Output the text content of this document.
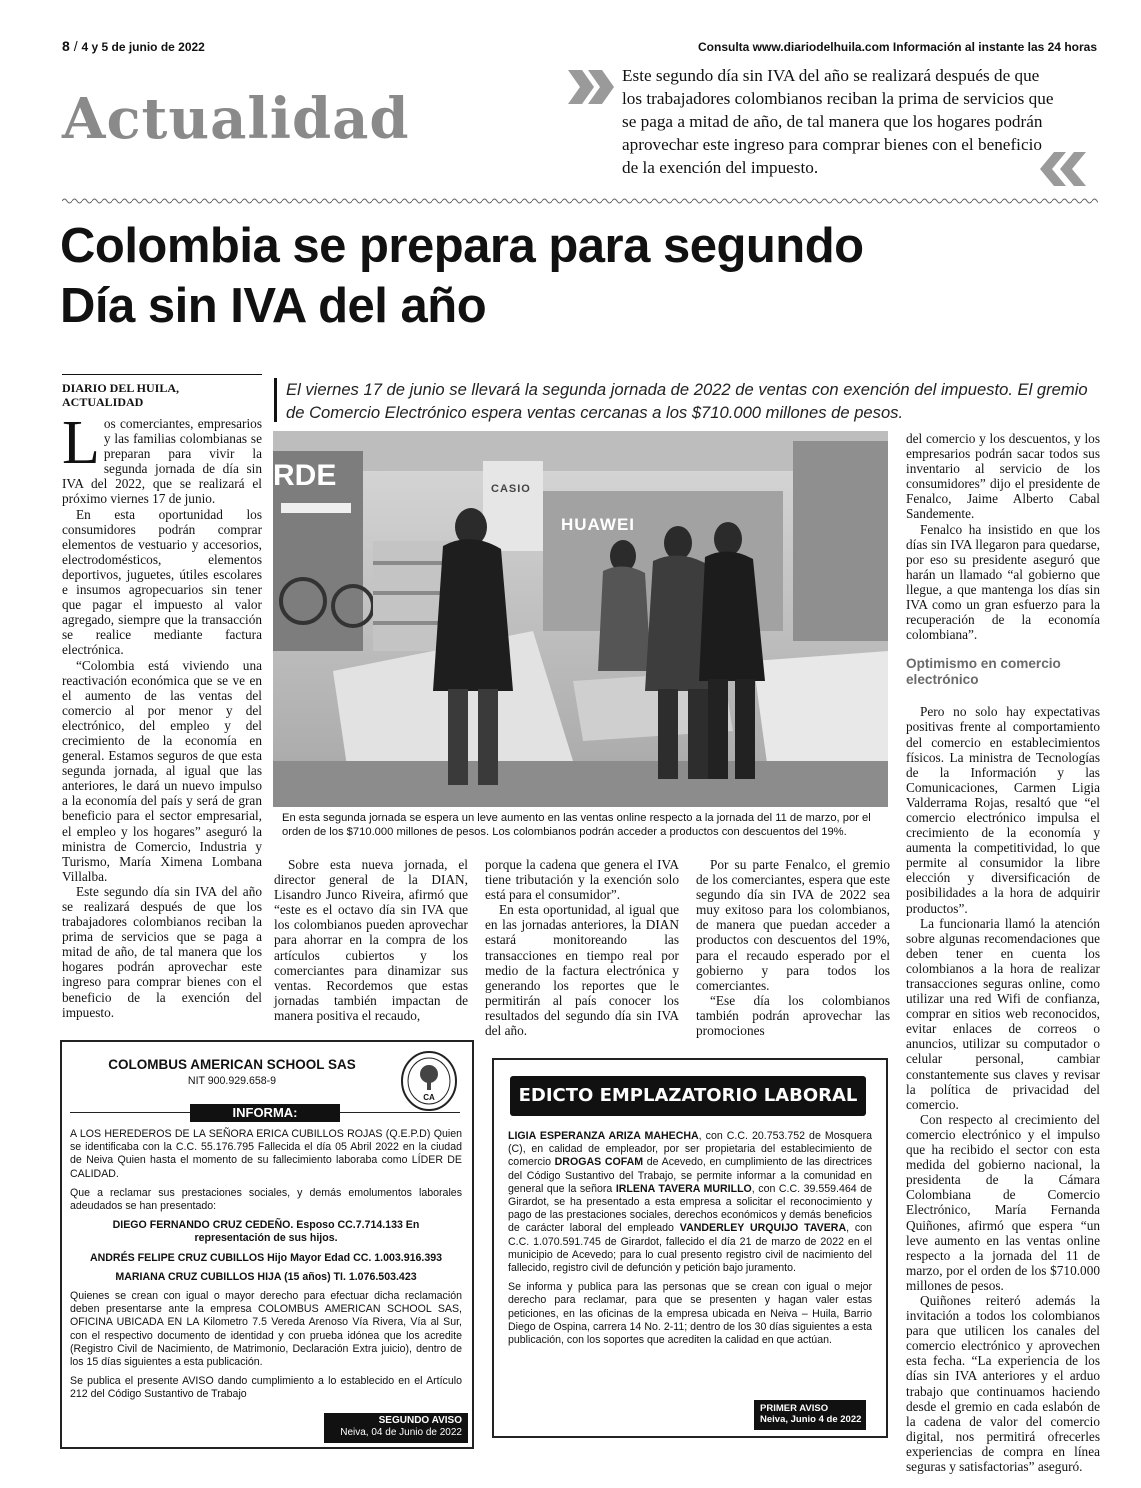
8 / 4 y 5 de junio de 2022	Consulta www.diariodelhuila.com Información al instante las 24 horas
Actualidad
Este segundo día sin IVA del año se realizará después de que los trabajadores colombianos reciban la prima de servicios que se paga a mitad de año, de tal manera que los hogares podrán aprovechar este ingreso para comprar bienes con el beneficio de la exención del impuesto.
Colombia se prepara para segundo
Día sin IVA del año
DIARIO DEL HUILA,
ACTUALIDAD
El viernes 17 de junio se llevará la segunda jornada de 2022 de ventas con exención del impuesto. El gremio de Comercio Electrónico espera ventas cercanas a los $710.000 millones de pesos.

Los comerciantes, empresarios y las familias colombianas se preparan para vivir la segunda jornada de día sin IVA del 2022, que se realizará el próximo viernes 17 de junio.

En esta oportunidad los consumidores podrán comprar elementos de vestuario y accesorios, electrodomésticos, elementos deportivos, juguetes, útiles escolares e insumos agropecuarios sin tener que pagar el impuesto al valor agregado, siempre que la transacción se realice mediante factura electrónica.

“Colombia está viviendo una reactivación económica que se ve en el aumento de las ventas del comercio al por menor y del electrónico, del empleo y del crecimiento de la economía en general. Estamos seguros de que esta segunda jornada, al igual que las anteriores, le dará un nuevo impulso a la economía del país y será de gran beneficio para el sector empresarial, el empleo y los hogares” aseguró la ministra de Comercio, Industria y Turismo, María Ximena Lombana Villalba.

Este segundo día sin IVA del año se realizará después de que los trabajadores colombianos reciban la prima de servicios que se paga a mitad de año, de tal manera que los hogares podrán aprovechar este ingreso para comprar bienes con el beneficio de la exención del impuesto.

CASIO
HUAWEI
RDE
En esta segunda jornada se espera un leve aumento en las ventas online respecto a la jornada del 11 de marzo, por el orden de los $710.000 millones de pesos. Los colombianos podrán acceder a productos con descuentos del 19%.

Sobre esta nueva jornada, el director general de la DIAN, Lisandro Junco Riveira, afirmó que “este es el octavo día sin IVA que los colombianos pueden aprovechar para ahorrar en la compra de los artículos cubiertos y los comerciantes para dinamizar sus ventas. Recordemos que estas jornadas también impactan de manera positiva el recaudo,

porque la cadena que genera el IVA tiene tributación y la exención solo está para el consumidor”.

En esta oportunidad, al igual que en las jornadas anteriores, la DIAN estará monitoreando las transacciones en tiempo real por medio de la factura electrónica y generando los reportes que le permitirán al país conocer los resultados del segundo día sin IVA del año.

Por su parte Fenalco, el gremio de los comerciantes, espera que este segundo día sin IVA de 2022 sea muy exitoso para los colombianos, de manera que puedan acceder a productos con descuentos del 19%, para el recaudo esperado por el gobierno y para todos los comerciantes.

“Ese día los colombianos también podrán aprovechar las promociones

del comercio y los descuentos, y los empresarios podrán sacar todos sus inventario al servicio de los consumidores” dijo el presidente de Fenalco, Jaime Alberto Cabal Sandemente.

Fenalco ha insistido en que los días sin IVA llegaron para quedarse, por eso su presidente aseguró que harán un llamado “al gobierno que llegue, a que mantenga los días sin IVA como un gran esfuerzo para la recuperación de la economía colombiana”.

Optimismo en comercio electrónico

Pero no solo hay expectativas positivas frente al comportamiento del comercio en establecimientos físicos. La ministra de Tecnologías de la Información y las Comunicaciones, Carmen Ligia Valderrama Rojas, resaltó que “el comercio electrónico impulsa el crecimiento de la economía y aumenta la competitividad, lo que permite al consumidor la libre elección y diversificación de posibilidades a la hora de adquirir productos”.

La funcionaria llamó la atención sobre algunas recomendaciones que deben tener en cuenta los colombianos a la hora de realizar transacciones seguras online, como utilizar una red Wifi de confianza, comprar en sitios web reconocidos, evitar enlaces de correos o anuncios, utilizar su computador o celular personal, cambiar constantemente sus claves y revisar la política de privacidad del comercio.

Con respecto al crecimiento del comercio electrónico y el impulso que ha recibido el sector con esta medida del gobierno nacional, la presidenta de la Cámara Colombiana de Comercio Electrónico, María Fernanda Quiñones, afirmó que espera “un leve aumento en las ventas online respecto a la jornada del 11 de marzo, por el orden de los $710.000 millones de pesos.

Quiñones reiteró además la invitación a todos los colombianos para que utilicen los canales del comercio electrónico y aprovechen esta fecha. “La experiencia de los días sin IVA anteriores y el arduo trabajo que continuamos haciendo desde el gremio en cada eslabón de la cadena de valor del comercio digital, nos permitirá ofrecerles experiencias de compra en línea seguras y satisfactorias” aseguró.

COLOMBUS AMERICAN SCHOOL SAS
NIT 900.929.658-9
CA
INFORMA:

A LOS HEREDEROS DE LA SEÑORA ERICA CUBILLOS ROJAS (Q.E.P.D) Quien se identificaba con la C.C. 55.176.795 Fallecida el día 05 Abril 2022 en la ciudad de Neiva Quien hasta el momento de su fallecimiento laboraba como LÍDER DE CALIDAD.

Que a reclamar sus prestaciones sociales, y demás emolumentos laborales adeudados se han presentado:

DIEGO FERNANDO CRUZ CEDEÑO. Esposo CC.7.714.133 En representación de sus hijos.

ANDRÉS FELIPE CRUZ CUBILLOS Hijo Mayor Edad CC. 1.003.916.393

MARIANA CRUZ CUBILLOS HIJA (15 años) TI. 1.076.503.423

Quienes se crean con igual o mayor derecho para efectuar dicha reclamación deben presentarse ante la empresa COLOMBUS AMERICAN SCHOOL SAS, OFICINA UBICADA EN LA Kilometro 7.5 Vereda Arenoso Vía Rivera, Vía al Sur, con el respectivo documento de identidad y con prueba idónea que los acredite (Registro Civil de Nacimiento, de Matrimonio, Declaración Extra juicio), dentro de los 15 días siguientes a esta publicación.

Se publica el presente AVISO dando cumplimiento a lo establecido en el Artículo 212 del Código Sustantivo de Trabajo

SEGUNDO AVISO
Neiva, 04 de Junio de 2022
EDICTO EMPLAZATORIO LABORAL

LIGIA ESPERANZA ARIZA MAHECHA, con C.C. 20.753.752 de Mosquera (C), en calidad de empleador, por ser propietaria del establecimiento de comercio DROGAS COFAM de Acevedo, en cumplimiento de las directrices del Código Sustantivo del Trabajo, se permite informar a la comunidad en general que la señora IRLENA TAVERA MURILLO, con C.C. 39.559.464 de Girardot, se ha presentado a esta empresa a solicitar el reconocimiento y pago de las prestaciones sociales, derechos económicos y demás beneficios de carácter laboral del empleado VANDERLEY URQUIJO TAVERA, con C.C. 1.070.591.745 de Girardot, fallecido el día 21 de marzo de 2022 en el municipio de Acevedo; para lo cual presento registro civil de nacimiento del fallecido, registro civil de defunción y petición bajo juramento.

Se informa y publica para las personas que se crean con igual o mejor derecho para reclamar, para que se presenten y hagan valer estas peticiones, en las oficinas de la empresa ubicada en Neiva – Huila, Barrio Diego de Ospina, carrera 14 No. 2-11; dentro de los 30 días siguientes a esta publicación, con los soportes que acrediten la calidad en que actúan.

PRIMER AVISO
Neiva, Junio 4 de 2022
